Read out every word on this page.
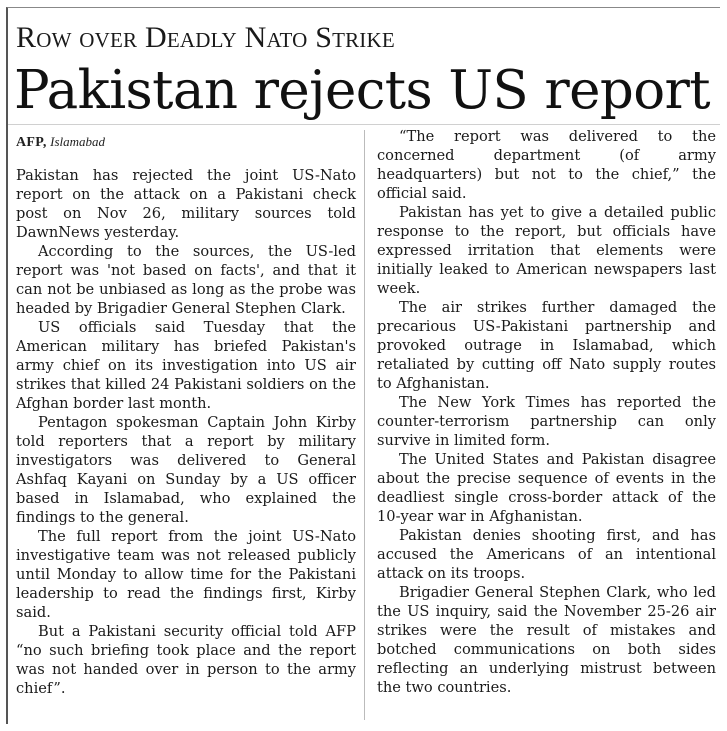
Row over Deadly Nato Strike
Pakistan rejects US report
AFP, Islamabad

Pakistan has rejected the joint US-Nato report on the attack on a Pakistani check post on Nov 26, military sources told DawnNews yesterday.

According to the sources, the US-led report was 'not based on facts', and that it can not be unbiased as long as the probe was headed by Brigadier General Stephen Clark.

US officials said Tuesday that the American military has briefed Pakistan's army chief on its investigation into US air strikes that killed 24 Pakistani soldiers on the Afghan border last month.

Pentagon spokesman Captain John Kirby told reporters that a report by military investigators was delivered to General Ashfaq Kayani on Sunday by a US officer based in Islamabad, who explained the findings to the general.

The full report from the joint US-Nato investigative team was not released publicly until Monday to allow time for the Pakistani leadership to read the findings first, Kirby said.

But a Pakistani security official told AFP “no such briefing took place and the report was not handed over in person to the army chief”.

“The report was delivered to the concerned department (of army headquarters) but not to the chief,” the official said.

Pakistan has yet to give a detailed public response to the report, but officials have expressed irritation that elements were initially leaked to American newspapers last week.

The air strikes further damaged the precarious US-Pakistani partnership and provoked outrage in Islamabad, which retaliated by cutting off Nato supply routes to Afghanistan.

The New York Times has reported the counter-terrorism partnership can only survive in limited form.

The United States and Pakistan disagree about the precise sequence of events in the deadliest single cross-border attack of the 10-year war in Afghanistan.

Pakistan denies shooting first, and has accused the Americans of an intentional attack on its troops.

Brigadier General Stephen Clark, who led the US inquiry, said the November 25-26 air strikes were the result of mistakes and botched communications on both sides reflecting an underlying mistrust between the two countries.
